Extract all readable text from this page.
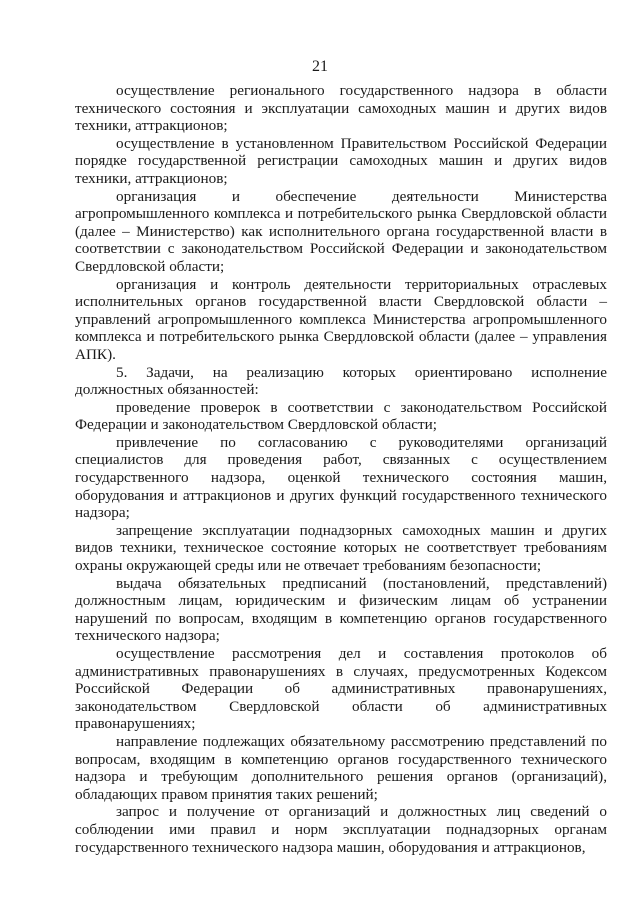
21

осуществление регионального государственного надзора в области технического состояния и эксплуатации самоходных машин и других видов техники, аттракционов;

осуществление в установленном Правительством Российской Федерации порядке государственной регистрации самоходных машин и других видов техники, аттракционов;

организация и обеспечение деятельности Министерства агропромышленного комплекса и потребительского рынка Свердловской области (далее – Министерство) как исполнительного органа государственной власти в соответствии с законодательством Российской Федерации и законодательством Свердловской области;

организация и контроль деятельности территориальных отраслевых исполнительных органов государственной власти Свердловской области – управлений агропромышленного комплекса Министерства агропромышленного комплекса и потребительского рынка Свердловской области (далее – управления АПК).

5. Задачи, на реализацию которых ориентировано исполнение должностных обязанностей:

проведение проверок в соответствии с законодательством Российской Федерации и законодательством Свердловской области;

привлечение по согласованию с руководителями организаций специалистов для проведения работ, связанных с осуществлением государственного надзора, оценкой технического состояния машин, оборудования и аттракционов и других функций государственного технического надзора;

запрещение эксплуатации поднадзорных самоходных машин и других видов техники, техническое состояние которых не соответствует требованиям охраны окружающей среды или не отвечает требованиям безопасности;

выдача обязательных предписаний (постановлений, представлений) должностным лицам, юридическим и физическим лицам об устранении нарушений по вопросам, входящим в компетенцию органов государственного технического надзора;

осуществление рассмотрения дел и составления протоколов об административных правонарушениях в случаях, предусмотренных Кодексом Российской Федерации об административных правонарушениях, законодательством Свердловской области об административных правонарушениях;

направление подлежащих обязательному рассмотрению представлений по вопросам, входящим в компетенцию органов государственного технического надзора и требующим дополнительного решения органов (организаций), обладающих правом принятия таких решений;

запрос и получение от организаций и должностных лиц сведений о соблюдении ими правил и норм эксплуатации поднадзорных органам государственного технического надзора машин, оборудования и аттракционов,
